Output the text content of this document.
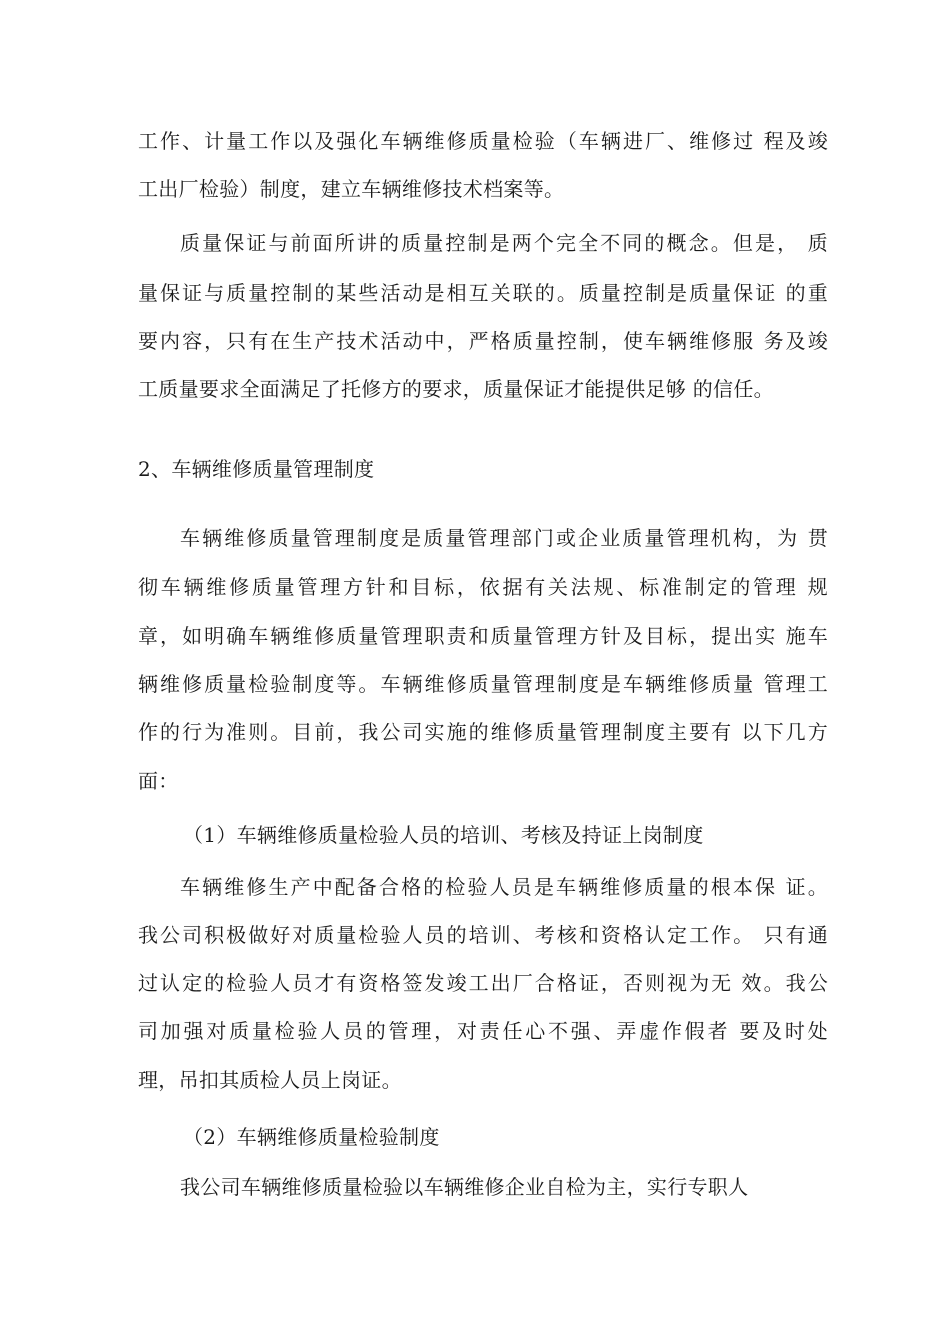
工作、计量工作以及强化车辆维修质量检验（车辆进厂、维修过 程及竣
工出厂检验）制度，建立车辆维修技术档案等。
质量保证与前面所讲的质量控制是两个完全不同的概念。但是， 质
量保证与质量控制的某些活动是相互关联的。质量控制是质量保证 的重
要内容，只有在生产技术活动中，严格质量控制，使车辆维修服 务及竣
工质量要求全面满足了托修方的要求，质量保证才能提供足够 的信任。
2、车辆维修质量管理制度
车辆维修质量管理制度是质量管理部门或企业质量管理机构，为 贯
彻车辆维修质量管理方针和目标，依据有关法规、标准制定的管理 规
章，如明确车辆维修质量管理职责和质量管理方针及目标，提出实 施车
辆维修质量检验制度等。车辆维修质量管理制度是车辆维修质量 管理工
作的行为准则。目前，我公司实施的维修质量管理制度主要有 以下几方
面：
（1）车辆维修质量检验人员的培训、考核及持证上岗制度
车辆维修生产中配备合格的检验人员是车辆维修质量的根本保 证。
我公司积极做好对质量检验人员的培训、考核和资格认定工作。 只有通
过认定的检验人员才有资格签发竣工出厂合格证，否则视为无 效。我公
司加强对质量检验人员的管理，对责任心不强、弄虚作假者 要及时处
理，吊扣其质检人员上岗证。
（2）车辆维修质量检验制度
我公司车辆维修质量检验以车辆维修企业自检为主，实行专职人
